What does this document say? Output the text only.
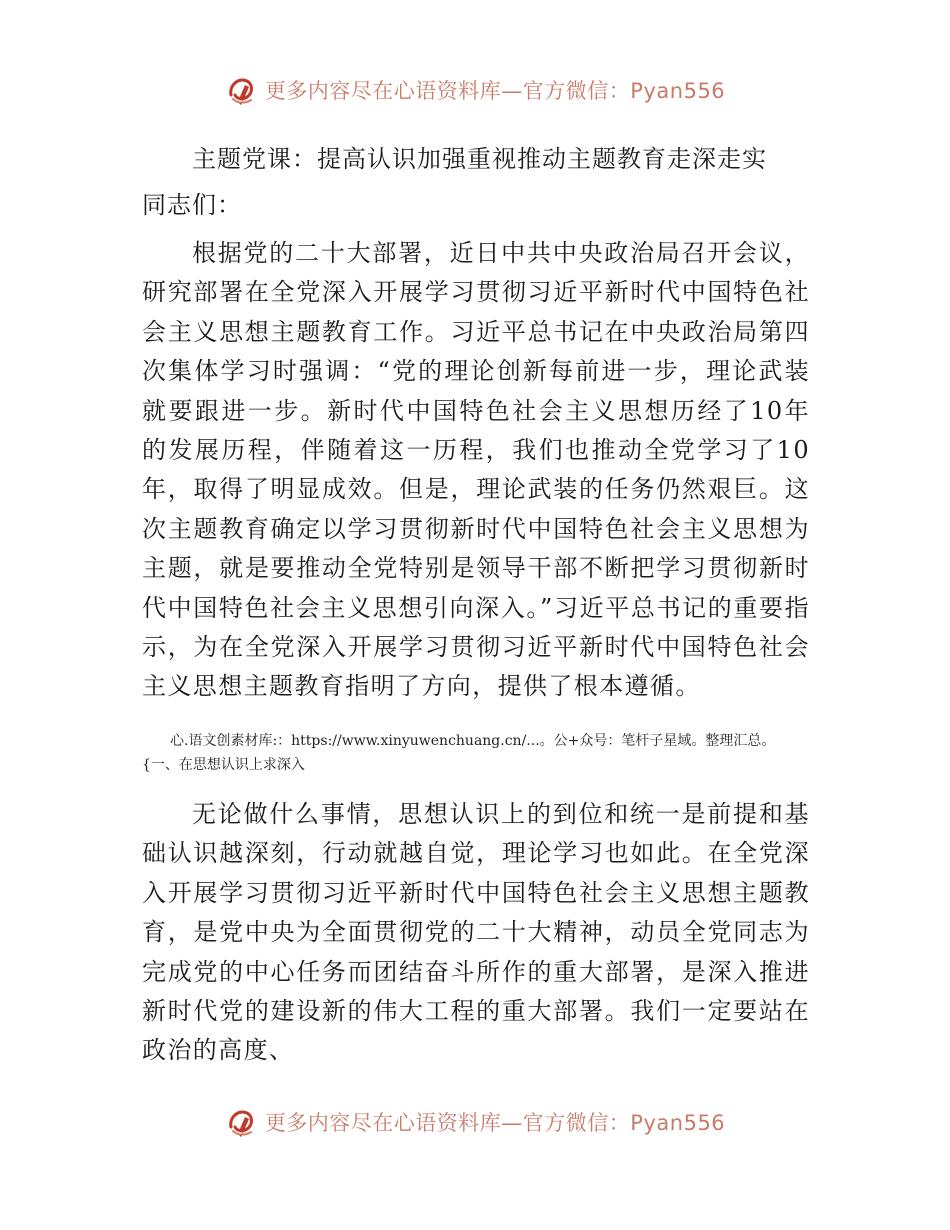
更多内容尽在心语资料库—官方微信：Pyan556

主题党课：提高认识加强重视推动主题教育走深走实

同志们：

根据党的二十大部署，近日中共中央政治局召开会议，研究部署在全党深入开展学习贯彻习近平新时代中国特色社会主义思想主题教育工作。习近平总书记在中央政治局第四次集体学习时强调：“党的理论创新每前进一步，理论武装就要跟进一步。新时代中国特色社会主义思想历经了10年的发展历程，伴随着这一历程，我们也推动全党学习了10年，取得了明显成效。但是，理论武装的任务仍然艰巨。这次主题教育确定以学习贯彻新时代中国特色社会主义思想为主题，就是要推动全党特别是领导干部不断把学习贯彻新时代中国特色社会主义思想引向深入。”习近平总书记的重要指示，为在全党深入开展学习贯彻习近平新时代中国特色社会主义思想主题教育指明了方向，提供了根本遵循。

心.语文创素材库:：https://www.xinyuwenchuang.cn/...。公+众号：笔杆子星域。整理汇总。{一、在思想认识上求深入

无论做什么事情，思想认识上的到位和统一是前提和基础认识越深刻，行动就越自觉，理论学习也如此。在全党深入开展学习贯彻习近平新时代中国特色社会主义思想主题教育，是党中央为全面贯彻党的二十大精神，动员全党同志为完成党的中心任务而团结奋斗所作的重大部署，是深入推进新时代党的建设新的伟大工程的重大部署。我们一定要站在政治的高度、

更多内容尽在心语资料库—官方微信：Pyan556
